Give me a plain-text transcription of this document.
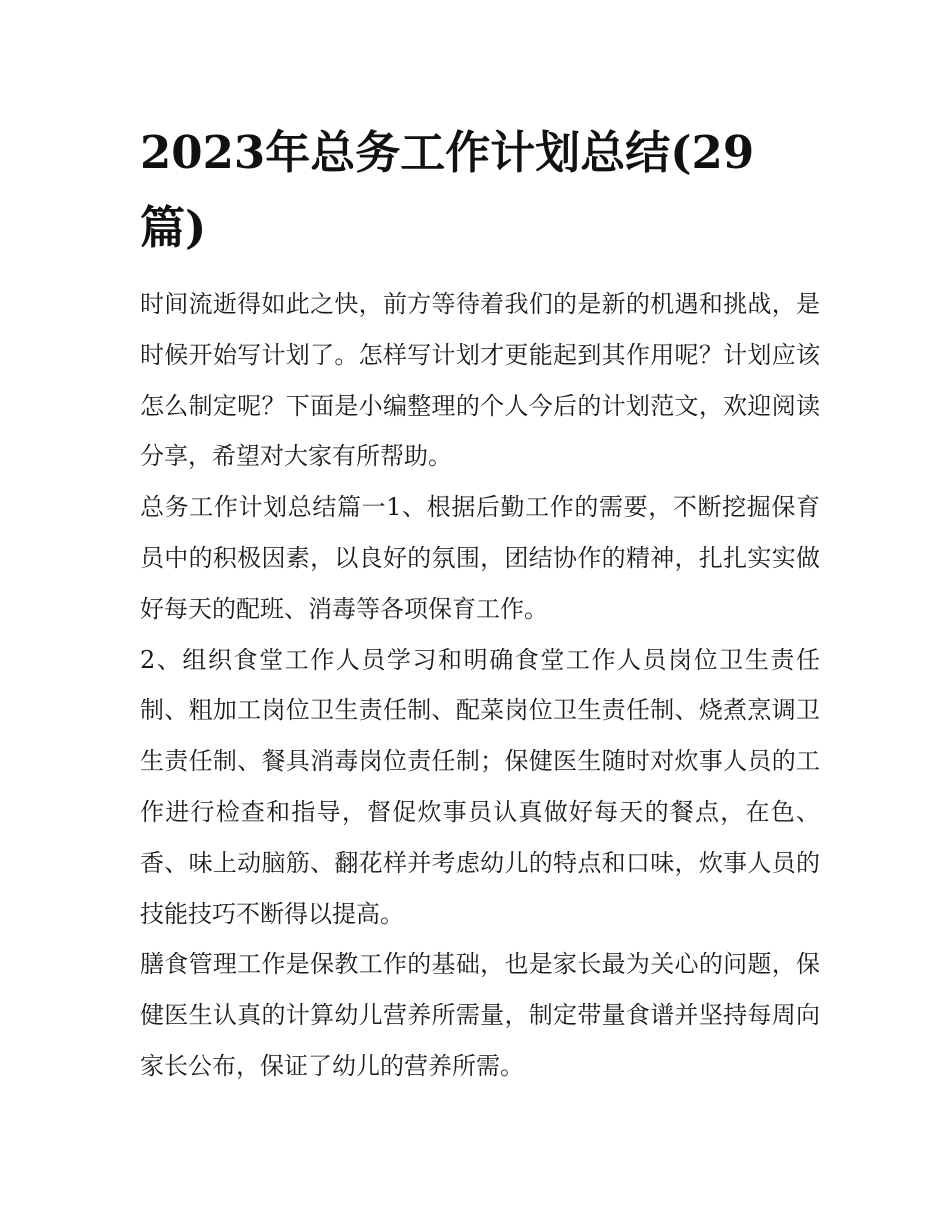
2023年总务工作计划总结(29篇)

时间流逝得如此之快，前方等待着我们的是新的机遇和挑战，是时候开始写计划了。怎样写计划才更能起到其作用呢？计划应该怎么制定呢？下面是小编整理的个人今后的计划范文，欢迎阅读分享，希望对大家有所帮助。

总务工作计划总结篇一1、根据后勤工作的需要，不断挖掘保育员中的积极因素，以良好的氛围，团结协作的精神，扎扎实实做好每天的配班、消毒等各项保育工作。

2、组织食堂工作人员学习和明确食堂工作人员岗位卫生责任制、粗加工岗位卫生责任制、配菜岗位卫生责任制、烧煮烹调卫生责任制、餐具消毒岗位责任制；保健医生随时对炊事人员的工作进行检查和指导，督促炊事员认真做好每天的餐点，在色、香、味上动脑筋、翻花样并考虑幼儿的特点和口味，炊事人员的技能技巧不断得以提高。

膳食管理工作是保教工作的基础，也是家长最为关心的问题，保健医生认真的计算幼儿营养所需量，制定带量食谱并坚持每周向家长公布，保证了幼儿的营养所需。
